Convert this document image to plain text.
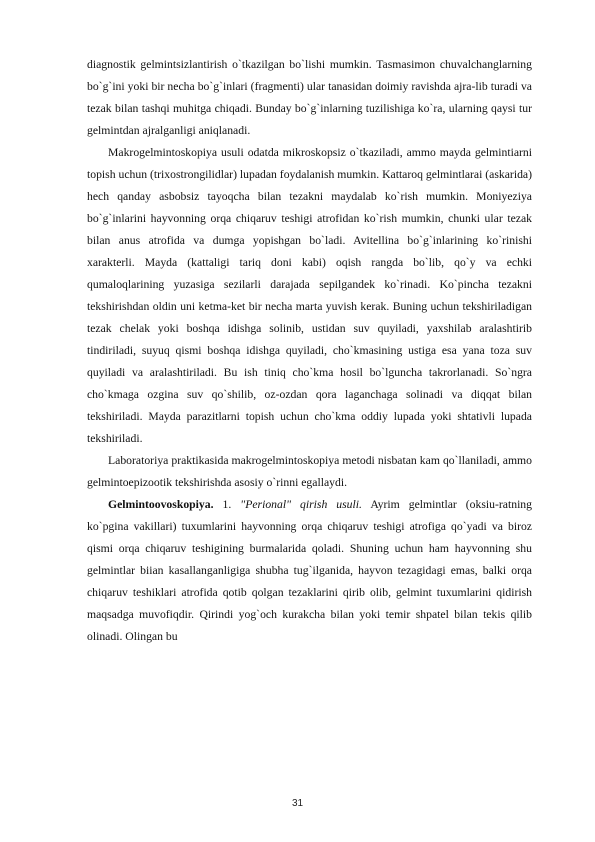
diagnostik gelmintsizlantirish o`tkazilgan bo`lishi mumkin. Tasmasimon chuvalchanglarning bo`g`ini yoki bir necha bo`g`inlari (fragmenti) ular tanasidan doimiy ravishda ajra-lib turadi va tezak bilan tashqi muhitga chiqadi. Bunday bo`g`inlarning tuzilishiga ko`ra, ularning qaysi tur gelmintdan ajralganligi aniqlanadi.

Makrogelmintoskopiya usuli odatda mikroskopsiz o`tkaziladi, ammo mayda gelmintiarni topish uchun (trixostrongilidlar) lupadan foydalanish mumkin. Kattaroq gelmintlarai (askarida) hech qanday asbobsiz tayoqcha bilan tezakni maydalab ko`rish mumkin. Moniyeziya bo`g`inlarini hayvonning orqa chiqaruv teshigi atrofidan ko`rish mumkin, chunki ular tezak bilan anus atrofida va dumga yopishgan bo`ladi. Avitellina bo`g`inlarining ko`rinishi xarakterli. Mayda (kattaligi tariq doni kabi) oqish rangda bo`lib, qo`y va echki qumaloqlarining yuzasiga sezilarli darajada sepilgandek ko`rinadi. Ko`pincha tezakni tekshirishdan oldin uni ketma-ket bir necha marta yuvish kerak. Buning uchun tekshiriladigan tezak chelak yoki boshqa idishga solinib, ustidan suv quyiladi, yaxshilab aralashtirib tindiriladi, suyuq qismi boshqa idishga quyiladi, cho`kmasining ustiga esa yana toza suv quyiladi va aralashtiriladi. Bu ish tiniq cho`kma hosil bo`lguncha takrorlanadi. So`ngra cho`kmaga ozgina suv qo`shilib, oz-ozdan qora laganchaga solinadi va diqqat bilan tekshiriladi. Mayda parazitlarni topish uchun cho`kma oddiy lupada yoki shtativli lupada tekshiriladi.

Laboratoriya praktikasida makrogelmintoskopiya metodi nisbatan kam qo`llaniladi, ammo gelmintoepizootik tekshirishda asosiy o`rinni egallaydi.

Gelmintoovoskopiya. 1. "Perional" qirish usuli. Ayrim gelmintlar (oksiu-ratning ko`pgina vakillari) tuxumlarini hayvonning orqa chiqaruv teshigi atrofiga qo`yadi va biroz qismi orqa chiqaruv teshigining burmalarida qoladi. Shuning uchun ham hayvonning shu gelmintlar biian kasallanganligiga shubha tug`ilganida, hayvon tezagidagi emas, balki orqa chiqaruv teshiklari atrofida qotib qolgan tezaklarini qirib olib, gelmint tuxumlarini qidirish maqsadga muvofiqdir. Qirindi yog`och kurakcha bilan yoki temir shpatel bilan tekis qilib olinadi. Olingan bu

31
